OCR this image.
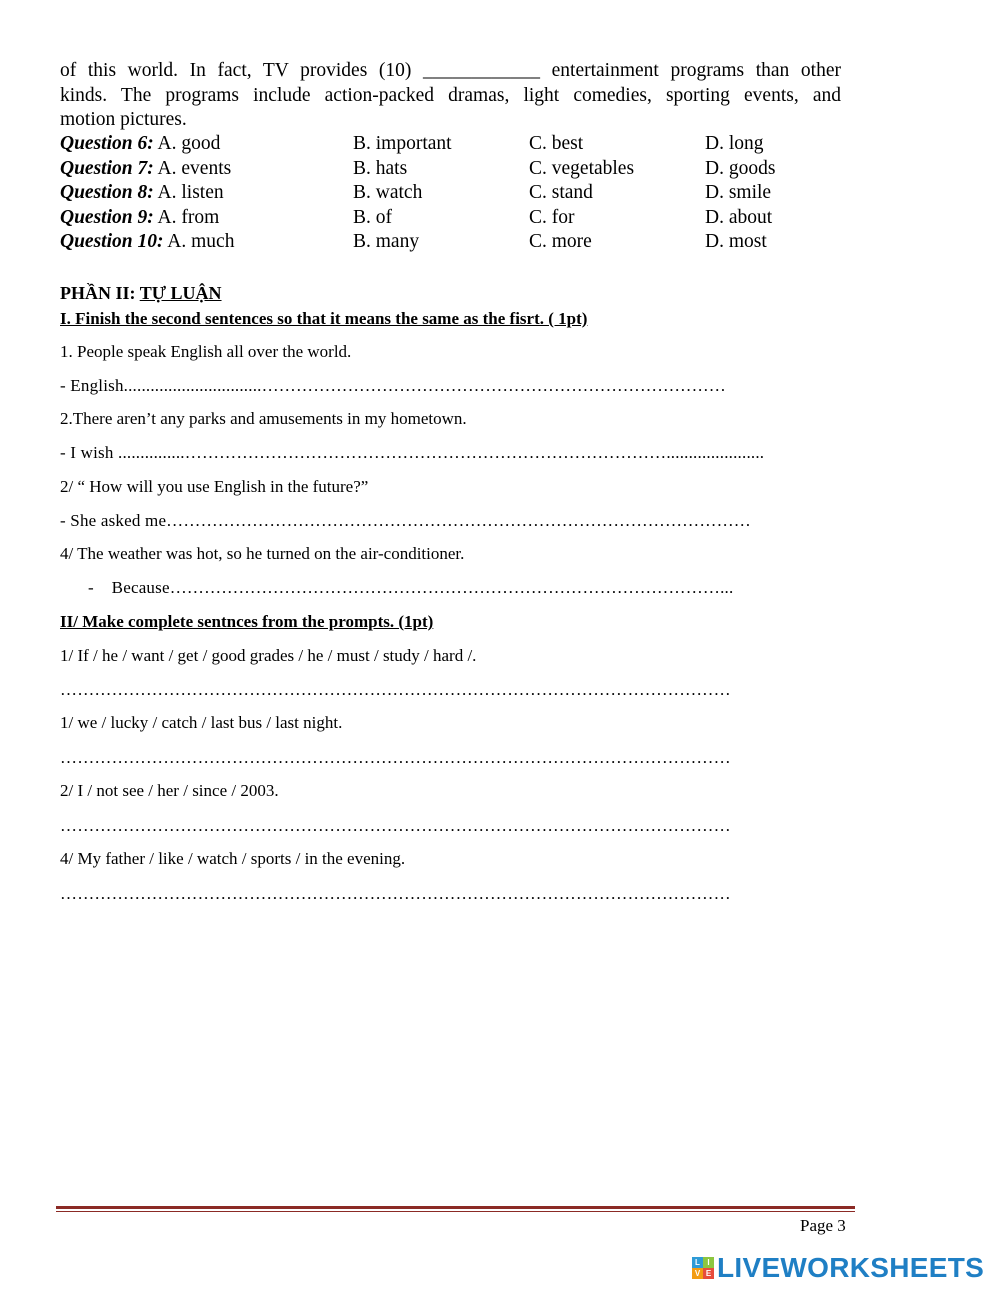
of this world. In fact, TV provides (10) ____________ entertainment programs than other

kinds. The programs include action-packed dramas, light comedies, sporting events, and

motion pictures.

Question 6: A. good	B. important	C. best	D. long
Question 7: A. events	B. hats	C. vegetables	D. goods
Question 8: A. listen	B. watch	C. stand	D. smile
Question 9: A. from	B. of	C. for	D. about
Question 10: A. much	B. many	C. more	D. most
PHẦN II: TỰ LUẬN
I. Finish the second sentences so that it means the same as the fisrt. ( 1pt)
1. People speak English all over the world.
- English...............................………………………………………………………………………
2.There aren’t any parks and amusements in my hometown.
- I wish ...............…………………………………………………………………………......................
2/ “ How will you use English in the future?”
- She asked me…………………………………………………………………………………………
4/ The weather was hot, so he turned on the air-conditioner.
-    Because……………………………………………………………………………………...
II/ Make complete sentnces from the prompts. (1pt)
1/ If / he / want / get / good grades / he / must / study / hard /.
………………………………………………………………………………………………………
1/ we / lucky / catch / last bus / last night.
………………………………………………………………………………………………………
2/ I / not see / her / since / 2003.
………………………………………………………………………………………………………
4/ My father / like / watch / sports / in the evening.
………………………………………………………………………………………………………
Page 3
L I
V E LIVEWORKSHEETS
